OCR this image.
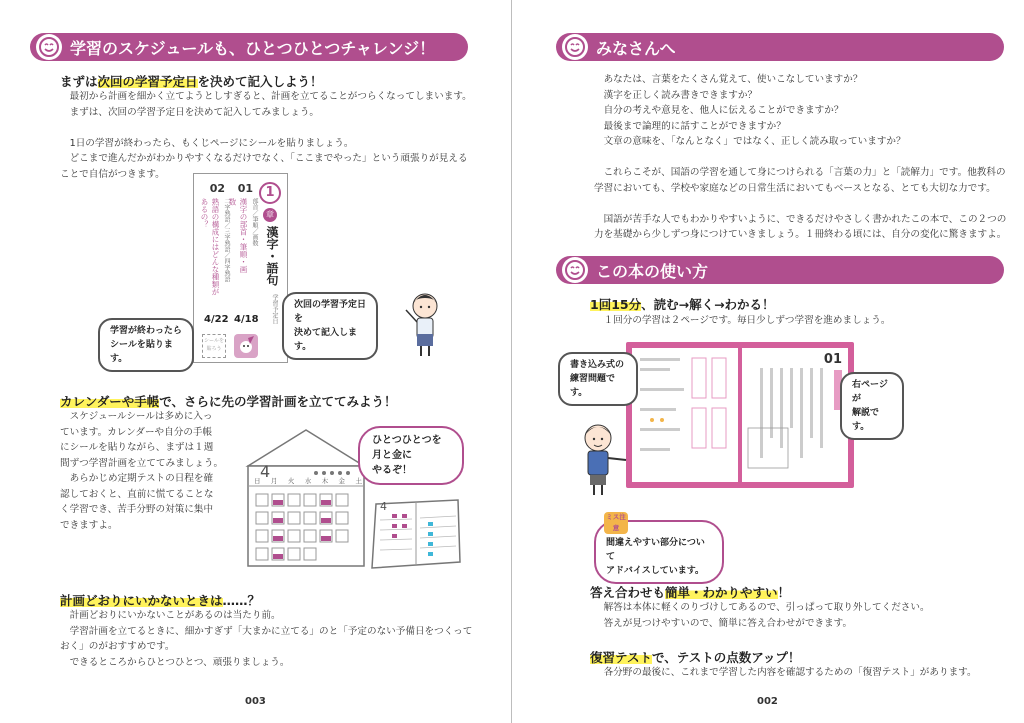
学習のスケジュールも、ひとつひとつチャレンジ！
まずは次回の学習予定日を決めて記入しよう！

　最初から計画を細かく立てようとしすぎると、計画を立てることがつらくなってしまいます。

　まずは、次回の学習予定日を決めて記入してみましょう。

　1日の学習が終わったら、もくじページにシールを貼りましょう。

　どこまで進んだかがわかりやすくなるだけでなく、「ここまでやった」という頑張りが見える

ことで自信がつきます。

1
章
漢字・語句
01
漢字の部首・筆順・画数	部首／筆順／画数
02
熟語の構成にはどんな種類があるの？	二字熟語／三字熟語／四字熟語
学習予定日
4/18
4/22
シールを貼ろう
次回の学習予定日を
決めて記入します。
学習が終わったら
シールを貼ります。
カレンダーや手帳で、さらに先の学習計画を立ててみよう！

　スケジュールシールは多めに入っ

ています。カレンダーや自分の手帳

にシールを貼りながら、まずは１週

間ずつ学習計画を立ててみましょう。

　あらかじめ定期テストの日程を確

認しておくと、直前に慌てることな

く学習でき、苦手分野の対策に集中

できますよ。

4
日 月 火 水 木 金 土
4
ひとつひとつを
月と金に
やるぞ！
計画どおりにいかないときは……？

　計画どおりにいかないことがあるのは当たり前。

　学習計画を立てるときに、細かすぎず「大まかに立てる」のと「予定のない予備日をつくって

おく」のがおすすめです。

　できるところからひとつひとつ、頑張りましょう。

003
みなさんへ

　あなたは、言葉をたくさん覚えて、使いこなしていますか？

　漢字を正しく読み書きできますか？

　自分の考えや意見を、他人に伝えることができますか？

　最後まで論理的に話すことができますか？

　文章の意味を、「なんとなく」ではなく、正しく読み取っていますか？

　これらこそが、国語の学習を通して身につけられる「言葉の力」と「読解力」です。他教科の

学習においても、学校や家庭などの日常生活においてもベースとなる、とても大切な力です。

　国語が苦手な人でもわかりやすいように、できるだけやさしく書かれたこの本で、この２つの

力を基礎から少しずつ身につけていきましょう。１冊終わる頃には、自分の変化に驚きますよ。

この本の使い方
1回15分、読む→解く→わかる！

　１回分の学習は２ページです。毎日少しずつ学習を進めましょう。

01
書き込み式の
練習問題です。
右ページが
解説です。
ミス注意
間違えやすい部分について
アドバイスしています。
答え合わせも簡単・わかりやすい！

　解答は本体に軽くのりづけしてあるので、引っぱって取り外してください。

　答えが見つけやすいので、簡単に答え合わせができます。

復習テストで、テストの点数アップ！

　各分野の最後に、これまで学習した内容を確認するための「復習テスト」があります。

002
